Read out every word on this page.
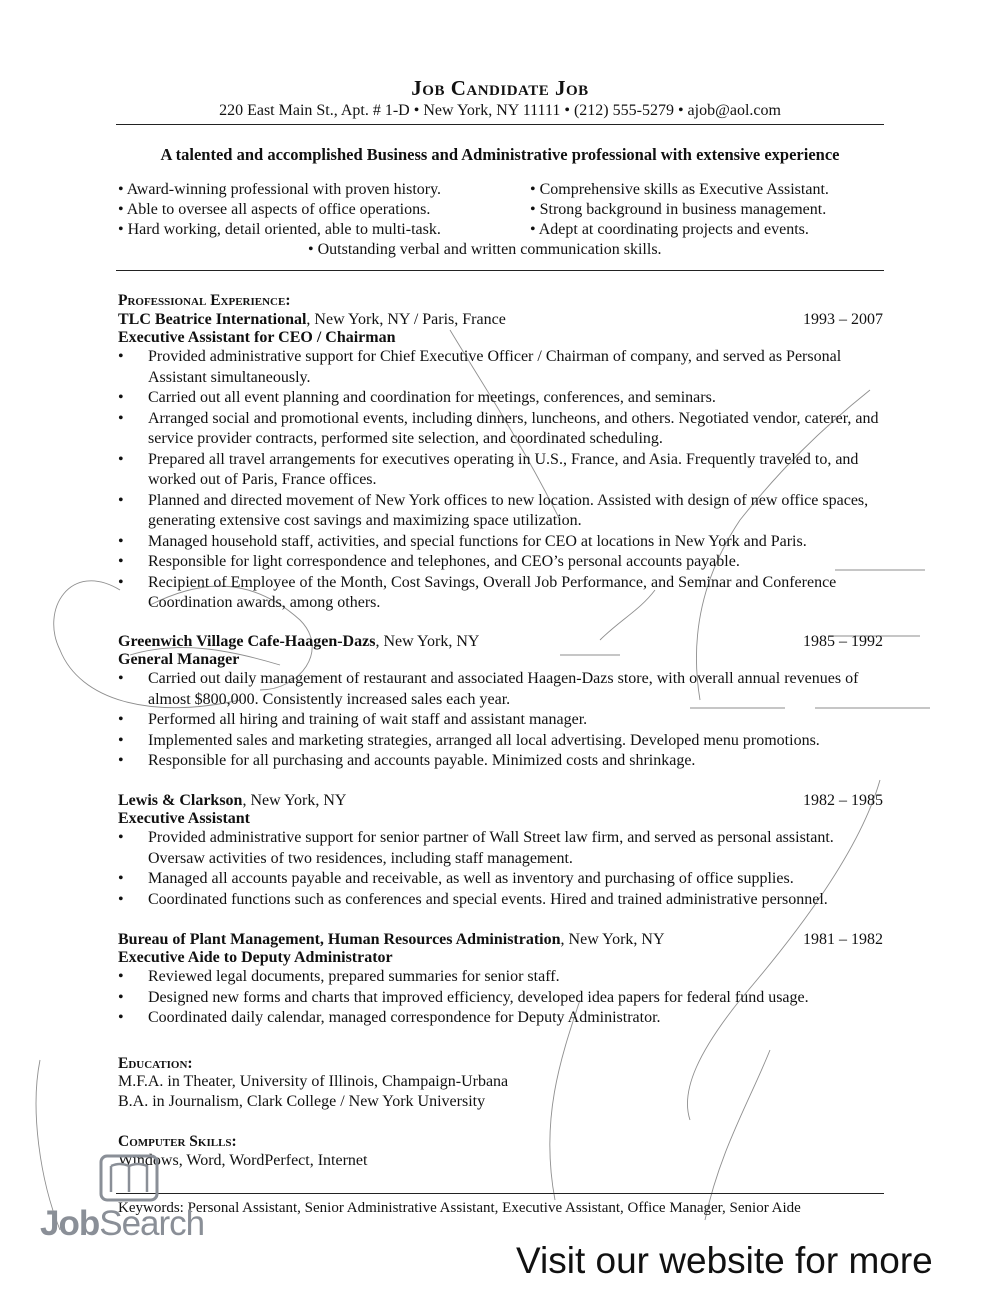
Job Candidate Job
220 East Main St., Apt. # 1-D • New York, NY 11111 • (212) 555-5279 • ajob@aol.com
A talented and accomplished Business and Administrative professional with extensive experience
• Award-winning professional with proven history.
• Able to oversee all aspects of office operations.
• Hard working, detail oriented, able to multi-task.
• Comprehensive skills as Executive Assistant.
• Strong background in business management.
• Adept at coordinating projects and events.
• Outstanding verbal and written communication skills.
Professional Experience:
TLC Beatrice International, New York, NY / Paris, France	1993 – 2007
Executive Assistant for CEO / Chairman
• Provided administrative support for Chief Executive Officer / Chairman of company, and served as Personal Assistant simultaneously.
• Carried out all event planning and coordination for meetings, conferences, and seminars.
• Arranged social and promotional events, including dinners, luncheons, and others. Negotiated vendor, caterer, and service provider contracts, performed site selection, and coordinated scheduling.
• Prepared all travel arrangements for executives operating in U.S., France, and Asia. Frequently traveled to, and worked out of Paris, France offices.
• Planned and directed movement of New York offices to new location. Assisted with design of new office spaces, generating extensive cost savings and maximizing space utilization.
• Managed household staff, activities, and special functions for CEO at locations in New York and Paris.
• Responsible for light correspondence and telephones, and CEO’s personal accounts payable.
• Recipient of Employee of the Month, Cost Savings, Overall Job Performance, and Seminar and Conference Coordination awards, among others.
Greenwich Village Cafe-Haagen-Dazs, New York, NY	1985 – 1992
General Manager
• Carried out daily management of restaurant and associated Haagen-Dazs store, with overall annual revenues of almost $800,000. Consistently increased sales each year.
• Performed all hiring and training of wait staff and assistant manager.
• Implemented sales and marketing strategies, arranged all local advertising. Developed menu promotions.
• Responsible for all purchasing and accounts payable. Minimized costs and shrinkage.
Lewis & Clarkson, New York, NY	1982 – 1985
Executive Assistant
• Provided administrative support for senior partner of Wall Street law firm, and served as personal assistant. Oversaw activities of two residences, including staff management.
• Managed all accounts payable and receivable, as well as inventory and purchasing of office supplies.
• Coordinated functions such as conferences and special events. Hired and trained administrative personnel.
Bureau of Plant Management, Human Resources Administration, New York, NY	1981 – 1982
Executive Aide to Deputy Administrator
• Reviewed legal documents, prepared summaries for senior staff.
• Designed new forms and charts that improved efficiency, developed idea papers for federal fund usage.
• Coordinated daily calendar, managed correspondence for Deputy Administrator.
Education:
M.F.A. in Theater, University of Illinois, Champaign-Urbana
B.A. in Journalism, Clark College / New York University
Computer Skills:
Windows, Word, WordPerfect, Internet
Keywords: Personal Assistant, Senior Administrative Assistant, Executive Assistant, Office Manager, Senior Aide
JobSearch
Visit our website for more
